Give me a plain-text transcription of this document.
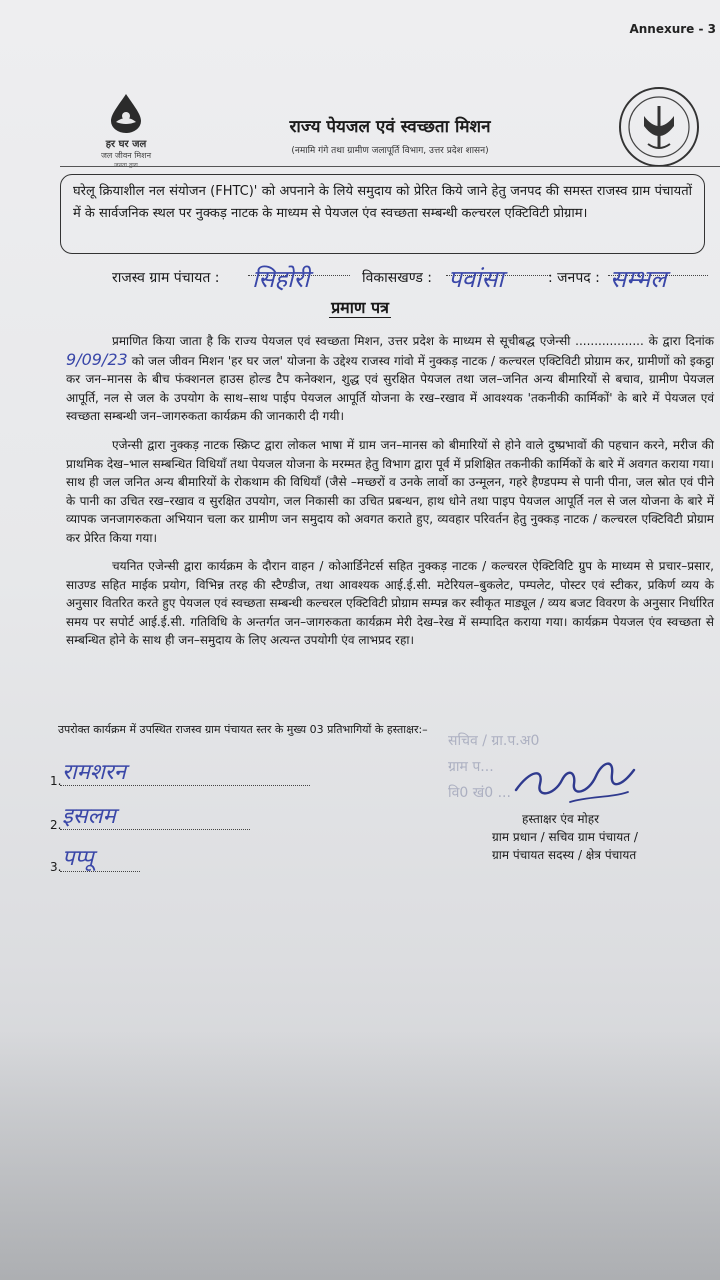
Annexure - 3
हर घर जल
जल जीवन मिशन
राज्य पेयजल एवं स्वच्छता मिशन
(नमामि गंगे तथा ग्रामीण जलापूर्ति विभाग, उत्तर प्रदेश शासन)
घरेलू क्रियाशील नल संयोजन (FHTC)' को अपनाने के लिये समुदाय को प्रेरित किये जाने हेतु जनपद की समस्त राजस्व ग्राम पंचायतों में के सार्वजनिक स्थल पर नुक्कड़ नाटक के माध्यम से पेयजल एंव स्वच्छता सम्बन्धी कल्चरल एक्टिविटी प्रोग्राम।
राजस्व ग्राम पंचायत : सिहोरी	विकासखण्ड : पवांसा	: जनपद : सम्भल
प्रमाण पत्र
प्रमाणित किया जाता है कि राज्य पेयजल एवं स्वच्छता मिशन, उत्तर प्रदेश के माध्यम से सूचीबद्ध एजेन्सी .................. के द्वारा दिनांक 9/09/23 को जल जीवन मिशन 'हर घर जल' योजना के उद्देश्य राजस्व गांवो में नुक्कड़ नाटक / कल्चरल एक्टिविटी प्रोग्राम कर, ग्रामीणों को इकट्ठा कर जन–मानस के बीच फंक्शनल हाउस होल्ड टैप कनेक्शन, शुद्ध एवं सुरक्षित पेयजल तथा जल–जनित अन्य बीमारियों से बचाव, ग्रामीण पेयजल आपूर्ति, नल से जल के उपयोग के साथ–साथ पाईप पेयजल आपूर्ति योजना के रख–रखाव में आवश्यक 'तकनीकी कार्मिकों' के बारे में पेयजल एवं स्वच्छता सम्बन्धी जन–जागरुकता कार्यक्रम की जानकारी दी गयी।
एजेन्सी द्वारा नुक्कड़ नाटक स्क्रिप्ट द्वारा लोकल भाषा में ग्राम जन–मानस को बीमारियों से होने वाले दुष्प्रभावों की पहचान करने, मरीज की प्राथमिक देख–भाल सम्बन्धित विधियाँ तथा पेयजल योजना के मरम्मत हेतु विभाग द्वारा पूर्व में प्रशिक्षित तकनीकी कार्मिकों के बारे में अवगत कराया गया। साथ ही जल जनित अन्य बीमारियों के रोकथाम की विधियाँ (जैसे –मच्छरों व उनके लार्वो का उन्मूलन, गहरे हैण्डपम्प से पानी पीना, जल स्रोत एवं पीने के पानी का उचित रख–रखाव व सुरक्षित उपयोग, जल निकासी का उचित प्रबन्धन, हाथ धोने तथा पाइप पेयजल आपूर्ति नल से जल योजना के बारे में व्यापक जनजागरुकता अभियान चला कर ग्रामीण जन समुदाय को अवगत कराते हुए, व्यवहार परिवर्तन हेतु नुक्कड़ नाटक / कल्चरल एक्टिविटी प्रोग्राम कर प्रेरित किया गया।
चयनित एजेन्सी द्वारा कार्यक्रम के दौरान वाहन / कोआर्डिनेटर्स सहित नुक्कड़ नाटक / कल्चरल ऐक्टिविटि ग्रुप के माध्यम से प्रचार–प्रसार, साउण्ड सहित माईक प्रयोग, विभिन्न तरह की स्टैण्डीज, तथा आवश्यक आई.ई.सी. मटेरियल–बुकलेट, पम्पलेट, पोस्टर एवं स्टीकर, प्रकिर्ण व्यय के अनुसार वितरित करते हुए पेयजल एवं स्वच्छता सम्बन्धी कल्चरल एक्टिविटी प्रोग्राम सम्पन्न कर स्वीकृत माड्यूल / व्यय बजट विवरण के अनुसार निर्धारित समय पर सपोर्ट आई.ई.सी. गतिविधि के अन्तर्गत जन–जागरुकता कार्यक्रम मेरी देख–रेख में सम्पादित कराया गया। कार्यक्रम पेयजल एंव स्वच्छता से सम्बन्धित होने के साथ ही जन–समुदाय के लिए अत्यन्त उपयोगी एंव लाभप्रद रहा।
उपरोक्त कार्यक्रम में उपस्थित राजस्व ग्राम पंचायत स्तर के मुख्य 03 प्रतिभागियों के हस्ताक्षर:–
1. रामशरन
2. इसलम
3. पप्पू
सचिव / ग्रा.प.अ0
ग्राम प...
वि0 खं0 ...
हस्ताक्षर एंव मोहर
ग्राम प्रधान / सचिव ग्राम पंचायत /
ग्राम पंचायत सदस्य / क्षेत्र पंचायत
